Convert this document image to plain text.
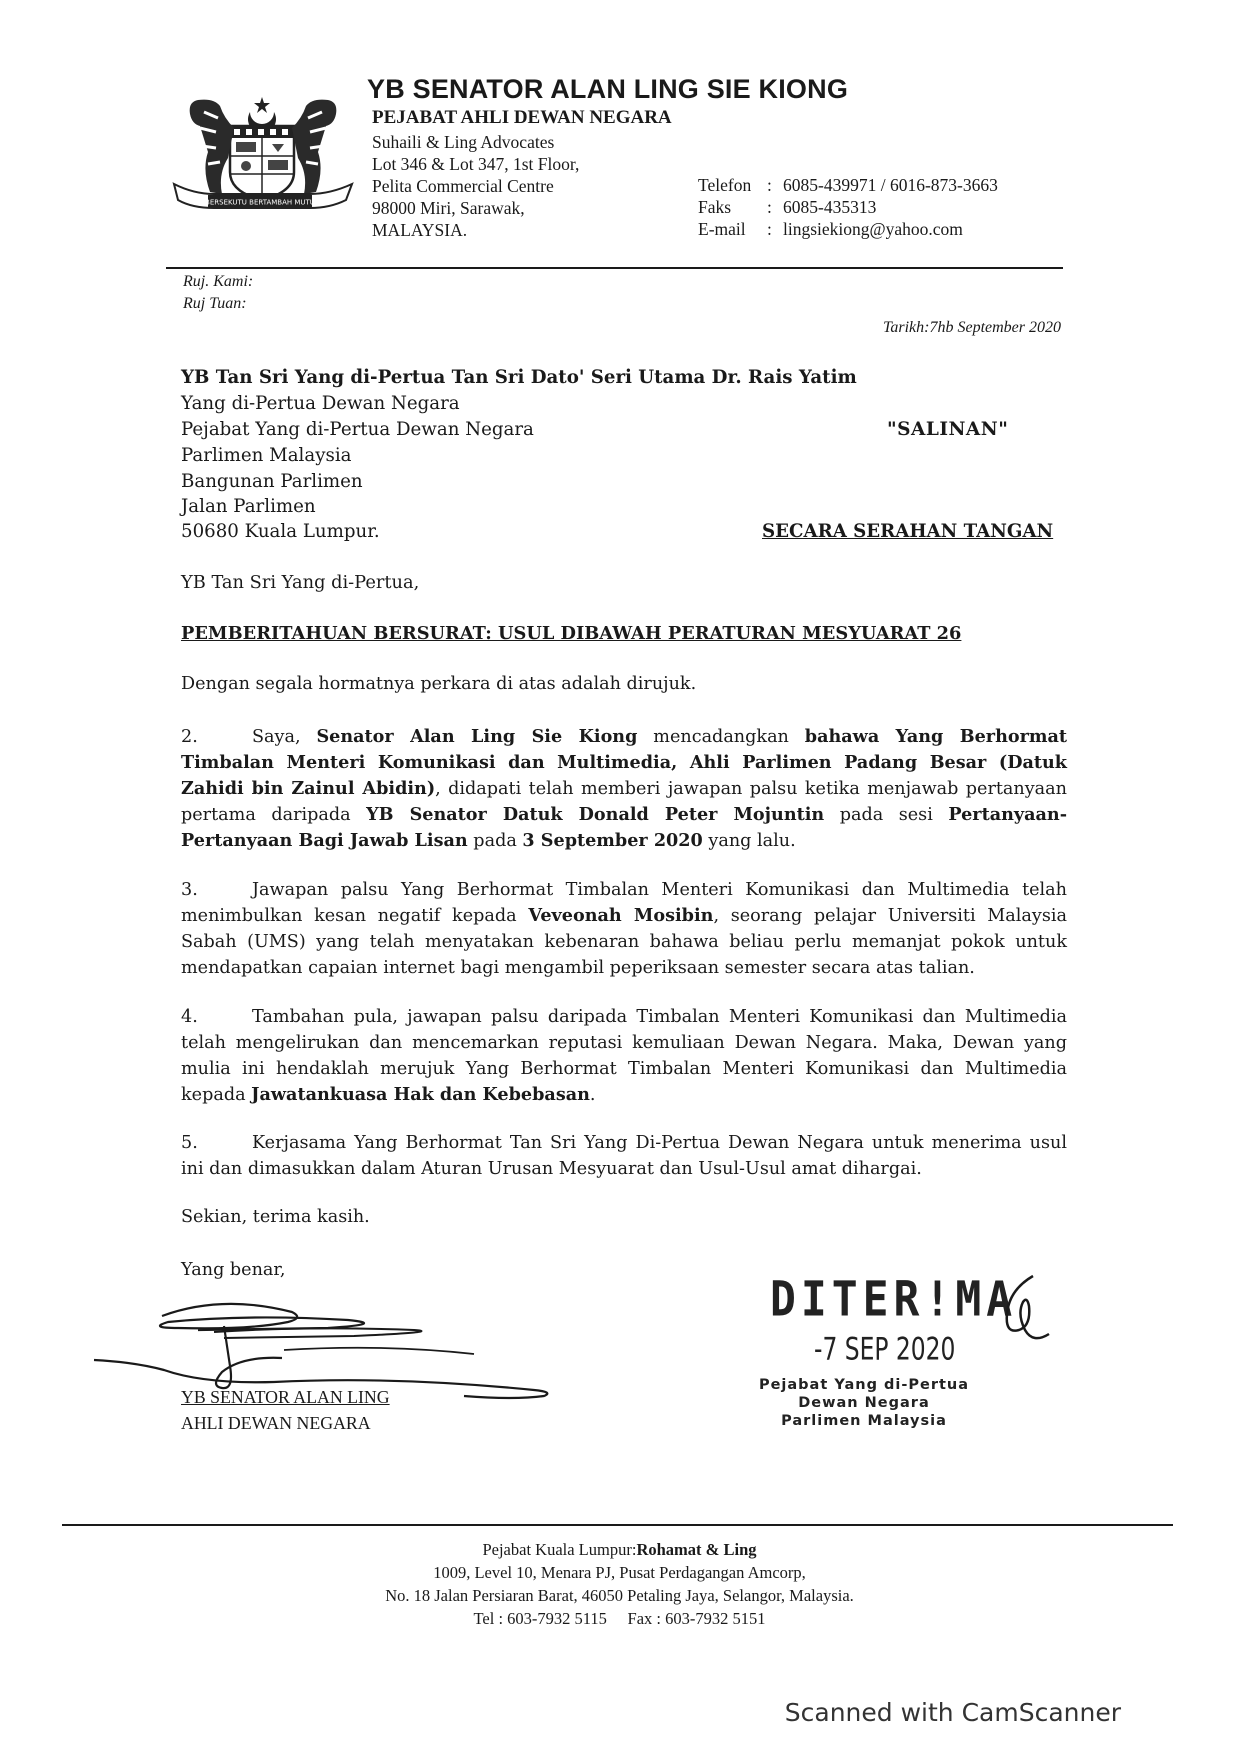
BERSEKUTU BERTAMBAH MUTU
YB SENATOR ALAN LING SIE KIONG
PEJABAT AHLI DEWAN NEGARA
Suhaili & Ling Advocates
Lot 346 & Lot 347, 1st Floor,
Pelita Commercial Centre
98000 Miri, Sarawak,
MALAYSIA.
Telefon : 6085-439971 / 6016-873-3663
Faks : 6085-435313
E-mail : lingsiekiong@yahoo.com
Ruj. Kami:
Ruj Tuan:
Tarikh:7hb September 2020
YB Tan Sri Yang di-Pertua Tan Sri Dato' Seri Utama Dr. Rais Yatim
Yang di-Pertua Dewan Negara
Pejabat Yang di-Pertua Dewan Negara
Parlimen Malaysia
Bangunan Parlimen
Jalan Parlimen
50680 Kuala Lumpur.
"SALINAN"
SECARA SERAHAN TANGAN
YB Tan Sri Yang di-Pertua,
PEMBERITAHUAN BERSURAT: USUL DIBAWAH PERATURAN MESYUARAT 26
Dengan segala hormatnya perkara di atas adalah dirujuk.
2.	Saya, Senator Alan Ling Sie Kiong mencadangkan bahawa Yang Berhormat Timbalan Menteri Komunikasi dan Multimedia, Ahli Parlimen Padang Besar (Datuk Zahidi bin Zainul Abidin), didapati telah memberi jawapan palsu ketika menjawab pertanyaan pertama daripada YB Senator Datuk Donald Peter Mojuntin pada sesi Pertanyaan-Pertanyaan Bagi Jawab Lisan pada 3 September 2020 yang lalu.
3.	Jawapan palsu Yang Berhormat Timbalan Menteri Komunikasi dan Multimedia telah menimbulkan kesan negatif kepada Veveonah Mosibin, seorang pelajar Universiti Malaysia Sabah (UMS) yang telah menyatakan kebenaran bahawa beliau perlu memanjat pokok untuk mendapatkan capaian internet bagi mengambil peperiksaan semester secara atas talian.
4.	Tambahan pula, jawapan palsu daripada Timbalan Menteri Komunikasi dan Multimedia telah mengelirukan dan mencemarkan reputasi kemuliaan Dewan Negara. Maka, Dewan yang mulia ini hendaklah merujuk Yang Berhormat Timbalan Menteri Komunikasi dan Multimedia kepada Jawatankuasa Hak dan Kebebasan.
5.	Kerjasama Yang Berhormat Tan Sri Yang Di-Pertua Dewan Negara untuk menerima usul ini dan dimasukkan dalam Aturan Urusan Mesyuarat dan Usul-Usul amat dihargai.
Sekian, terima kasih.
Yang benar,
YB SENATOR ALAN LING
AHLI DEWAN NEGARA
DITER!MA
-7 SEP 2020
Pejabat Yang di-Pertua
Dewan Negara
Parlimen Malaysia
Pejabat Kuala Lumpur:Rohamat & Ling
1009, Level 10, Menara PJ, Pusat Perdagangan Amcorp,
No. 18 Jalan Persiaran Barat, 46050 Petaling Jaya, Selangor, Malaysia.
Tel : 603-7932 5115     Fax : 603-7932 5151
Scanned with CamScanner
